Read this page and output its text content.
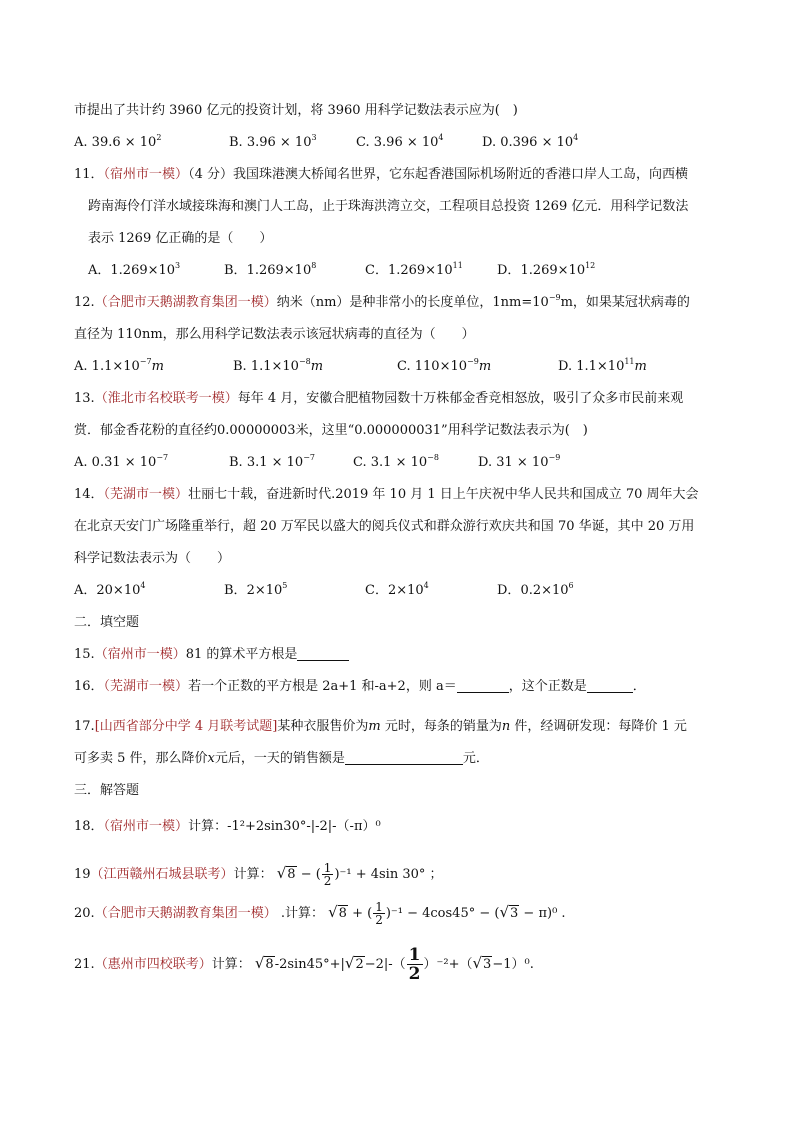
市提出了共计约 3960 亿元的投资计划，将 3960 用科学记数法表示应为(　)
A. $39.6 \times 10^2$	B. $3.96 \times 10^3$	C. $3.96 \times 10^4$	D. $0.396 \times 10^4$
11．（宿州市一模）（4 分）我国珠港澳大桥闻名世界，它东起香港国际机场附近的香港口岸人工岛，向西横
跨南海伶仃洋水域接珠海和澳门人工岛，止于珠海洪湾立交，工程项目总投资 1269 亿元．用科学记数法
表示 1269 亿正确的是（　　）
A．$1.269\times 10^3$	B．$1.269\times 10^8$	C．$1.269\times 10^{11}$	D．$1.269\times 10^{12}$
12.（合肥市天鹅湖教育集团一模）纳米（nm）是种非常小的长度单位，$1nm=10^{-9}m$，如果某冠状病毒的
直径为 110nm，那么用科学记数法表示该冠状病毒的直径为（　　）
A. $1.1\times 10^{-7}m$	B. $1.1\times 10^{-8}m$	C. $110\times 10^{-9}m$	D. $1.1\times 10^{11}m$
13.（淮北市名校联考一模）每年 4 月，安徽合肥植物园数十万株郁金香竞相怒放，吸引了众多市民前来观
赏．郁金香花粉的直径约0.00000003米，这里“0.000000031”用科学记数法表示为(　)
A. $0.31 \times 10^{-7}$	B. $3.1 \times 10^{-7}$	C. $3.1 \times 10^{-8}$	D. $31 \times 10^{-9}$
14．（芜湖市一模）壮丽七十载，奋进新时代.2019 年 10 月 1 日上午庆祝中华人民共和国成立 70 周年大会
在北京天安门广场隆重举行，超 20 万军民以盛大的阅兵仪式和群众游行欢庆共和国 70 华诞，其中 20 万用
科学记数法表示为（　　）
A．$20\times 10^4$	B．$2\times 10^5$	C．$2\times 10^4$	D．$0.2\times 10^6$
二．填空题
15.（宿州市一模）81 的算术平方根是
16．（芜湖市一模）若一个正数的平方根是 2a+1 和-a+2，则 a＝	，这个正数是	．
17.[山西省部分中学 4 月联考试题]某种衣服售价为m 元时，每条的销量为n 件，经调研发现：每降价 1 元
可多卖 5 件，那么降价x元后，一天的销售额是	元．
三．解答题
18．（宿州市一模）计算：-1²+2sin30°-|-2|-（-π）⁰
19（江西赣州石城县联考）计算： √8 − ( $\frac{1}{2} )^{-1} + 4\sin$ 30° ；
20.（合肥市天鹅湖教育集团一模） .计算： √8 + ( $\frac{1}{2} )^{-1} - 4\cos 45^\circ - (√3 - \pi)^0$ .
21.（惠州市四校联考）计算： $√8-2\sin 45^\circ+|√2-2|-( \frac{1}{2} )^{-2}+(√3-1)^0$.
